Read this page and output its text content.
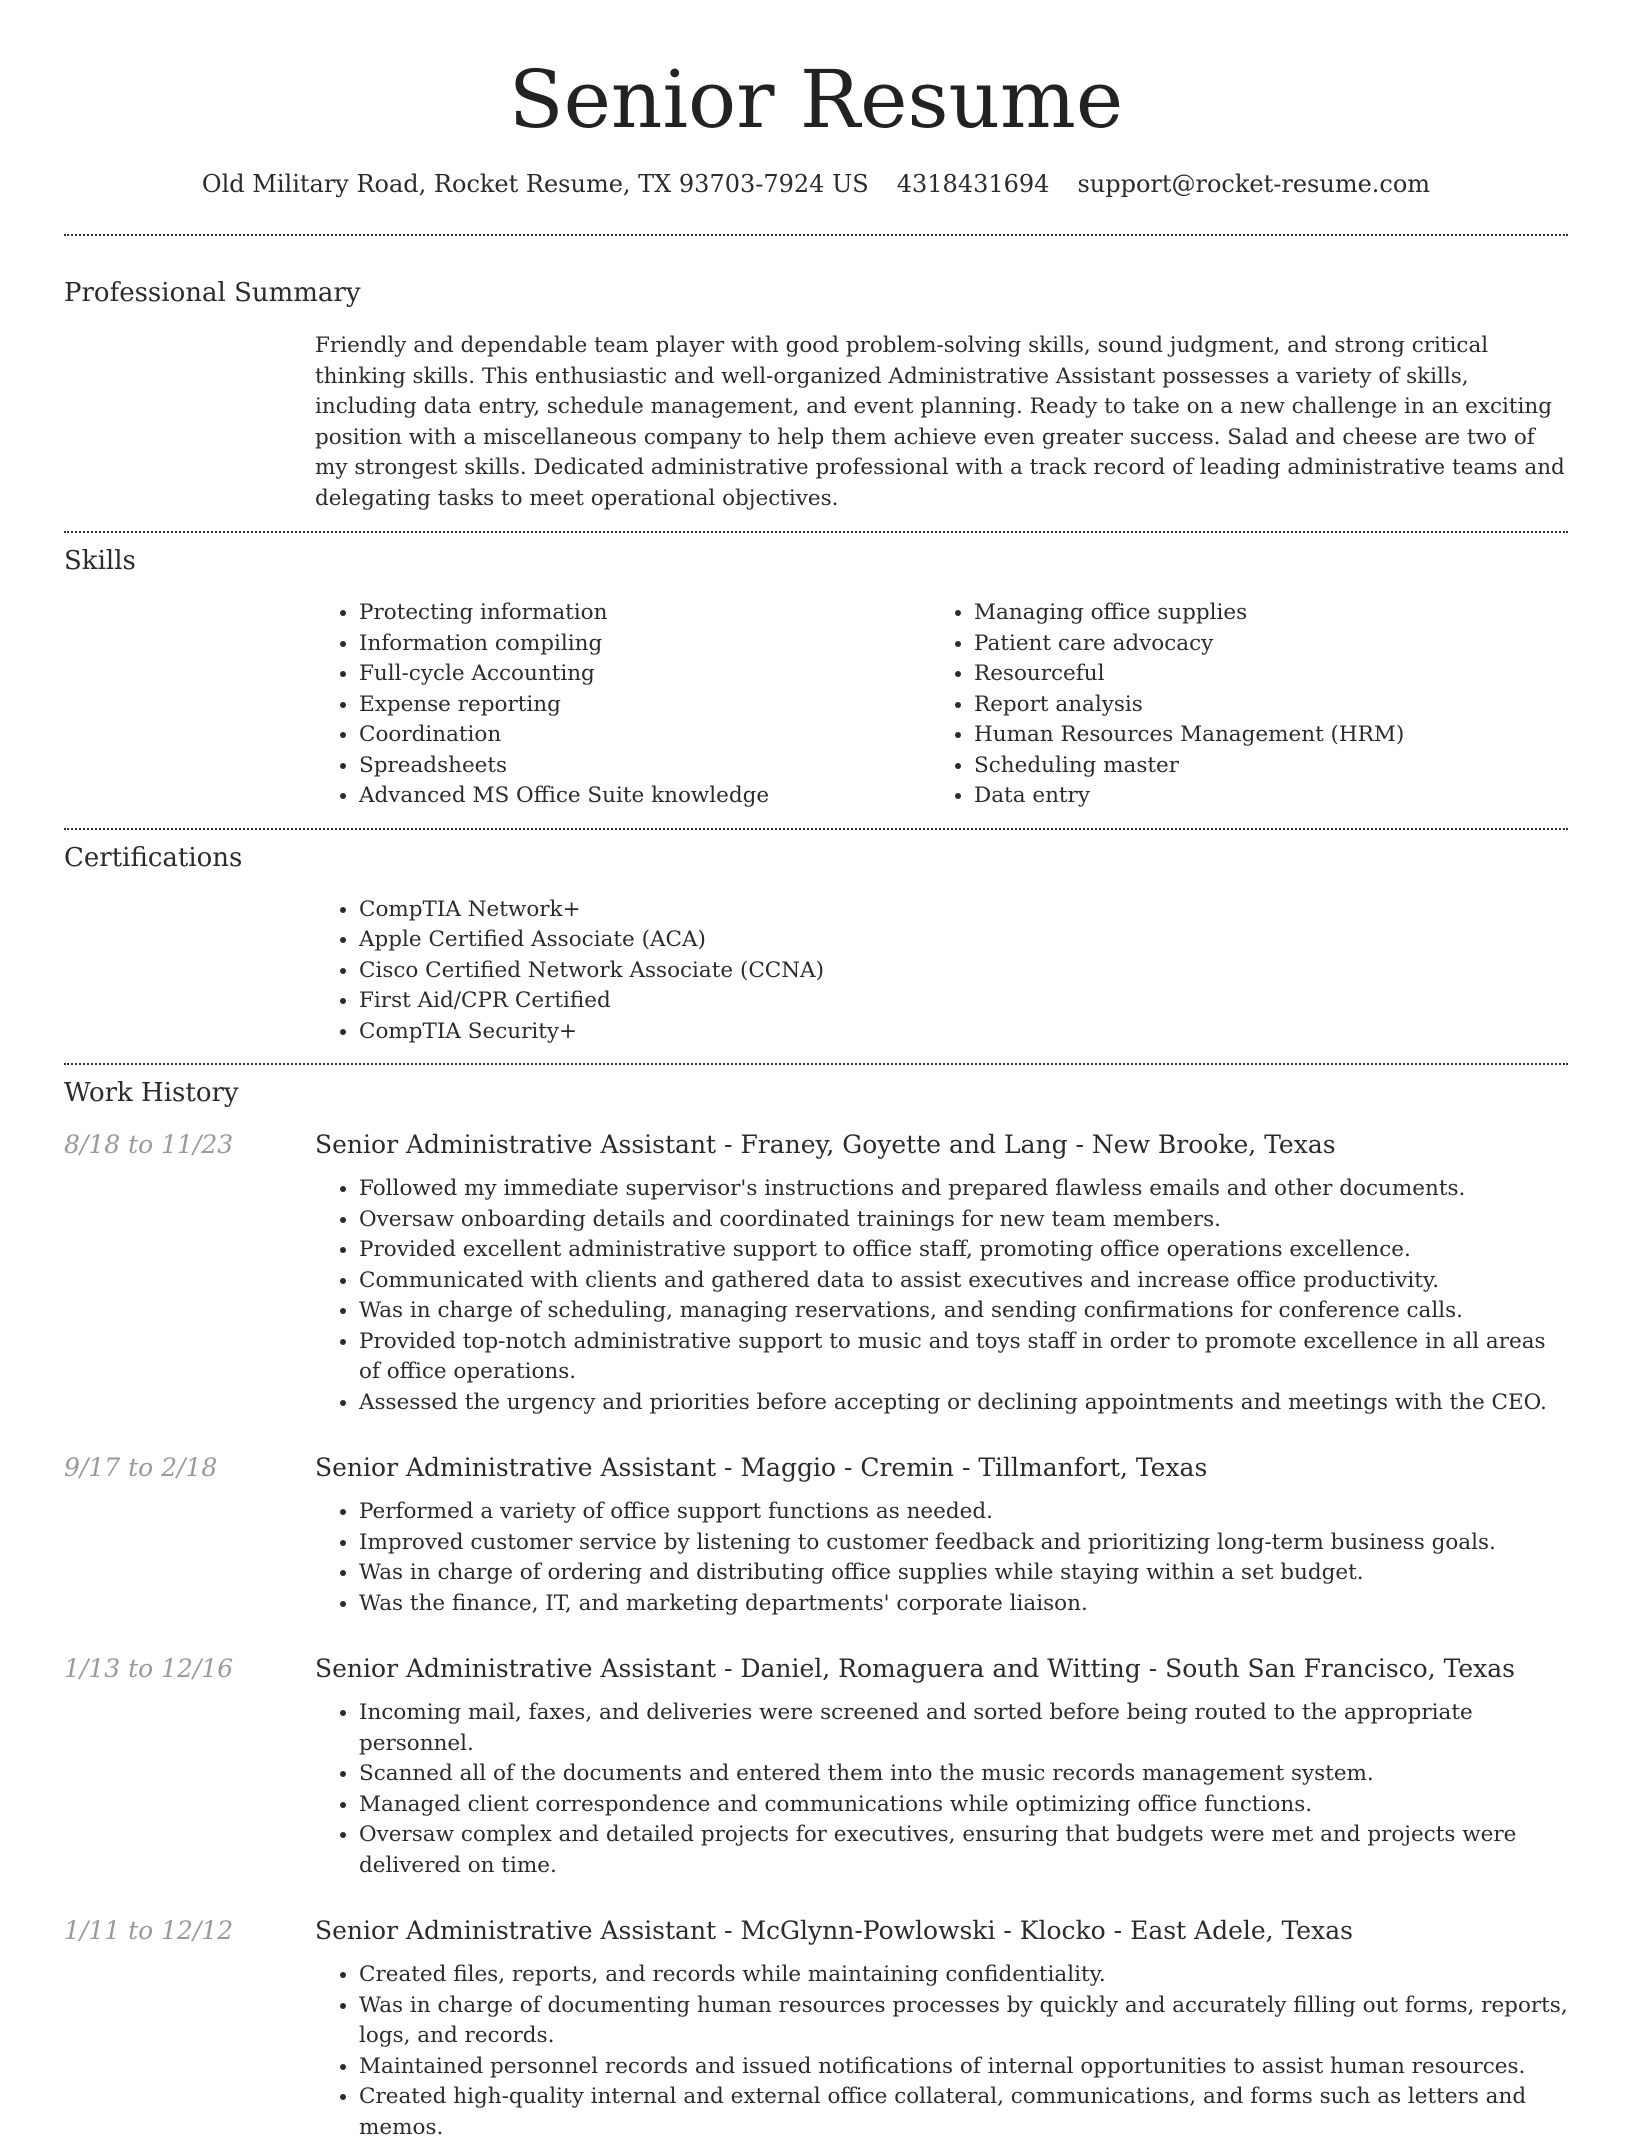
Senior Resume
Old Military Road, Rocket Resume, TX 93703-7924 US 4318431694 support@rocket-resume.com
Professional Summary
Friendly and dependable team player with good problem-solving skills, sound judgment, and strong critical thinking skills. This enthusiastic and well-organized Administrative Assistant possesses a variety of skills, including data entry, schedule management, and event planning. Ready to take on a new challenge in an exciting position with a miscellaneous company to help them achieve even greater success. Salad and cheese are two of my strongest skills. Dedicated administrative professional with a track record of leading administrative teams and delegating tasks to meet operational objectives.
Skills
• Protecting information
• Information compiling
• Full-cycle Accounting
• Expense reporting
• Coordination
• Spreadsheets
• Advanced MS Office Suite knowledge
• Managing office supplies
• Patient care advocacy
• Resourceful
• Report analysis
• Human Resources Management (HRM)
• Scheduling master
• Data entry
Certifications
• CompTIA Network+
• Apple Certified Associate (ACA)
• Cisco Certified Network Associate (CCNA)
• First Aid/CPR Certified
• CompTIA Security+
Work History
8/18 to 11/23	Senior Administrative Assistant - Franey, Goyette and Lang - New Brooke, Texas
• Followed my immediate supervisor's instructions and prepared flawless emails and other documents.
• Oversaw onboarding details and coordinated trainings for new team members.
• Provided excellent administrative support to office staff, promoting office operations excellence.
• Communicated with clients and gathered data to assist executives and increase office productivity.
• Was in charge of scheduling, managing reservations, and sending confirmations for conference calls.
• Provided top-notch administrative support to music and toys staff in order to promote excellence in all areas of office operations.
• Assessed the urgency and priorities before accepting or declining appointments and meetings with the CEO.
9/17 to 2/18	Senior Administrative Assistant - Maggio - Cremin - Tillmanfort, Texas
• Performed a variety of office support functions as needed.
• Improved customer service by listening to customer feedback and prioritizing long-term business goals.
• Was in charge of ordering and distributing office supplies while staying within a set budget.
• Was the finance, IT, and marketing departments' corporate liaison.
1/13 to 12/16	Senior Administrative Assistant - Daniel, Romaguera and Witting - South San Francisco, Texas
• Incoming mail, faxes, and deliveries were screened and sorted before being routed to the appropriate personnel.
• Scanned all of the documents and entered them into the music records management system.
• Managed client correspondence and communications while optimizing office functions.
• Oversaw complex and detailed projects for executives, ensuring that budgets were met and projects were delivered on time.
1/11 to 12/12	Senior Administrative Assistant - McGlynn-Powlowski - Klocko - East Adele, Texas
• Created files, reports, and records while maintaining confidentiality.
• Was in charge of documenting human resources processes by quickly and accurately filling out forms, reports, logs, and records.
• Maintained personnel records and issued notifications of internal opportunities to assist human resources.
• Created high-quality internal and external office collateral, communications, and forms such as letters and memos.
